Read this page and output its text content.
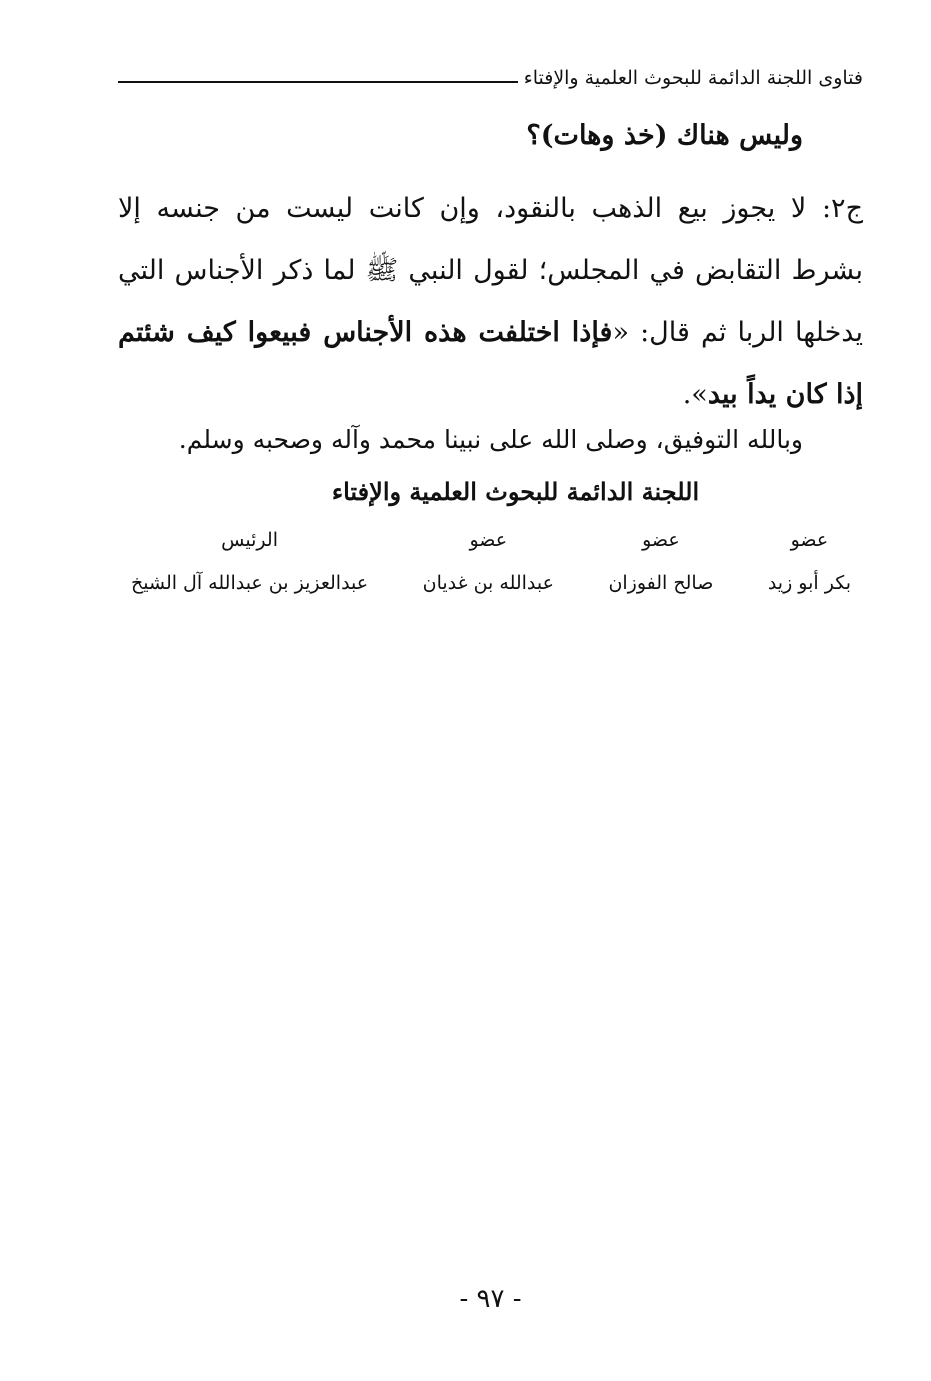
فتاوى اللجنة الدائمة للبحوث العلمية والإفتاء
وليس هناك (خذ وهات)؟
ج٢: لا يجوز بيع الذهب بالنقود، وإن كانت ليست من جنسه إلا بشرط التقابض في المجلس؛ لقول النبي ﷺ لما ذكر الأجناس التي يدخلها الربا ثم قال: «فإذا اختلفت هذه الأجناس فبيعوا كيف شئتم إذا كان يداً بيد».
وبالله التوفيق، وصلى الله على نبينا محمد وآله وصحبه وسلم.
اللجنة الدائمة للبحوث العلمية والإفتاء
عضو
بكر أبو زيد
عضو
صالح الفوزان
عضو
عبدالله بن غديان
الرئيس
عبدالعزيز بن عبدالله آل الشيخ
- ٩٧ -
